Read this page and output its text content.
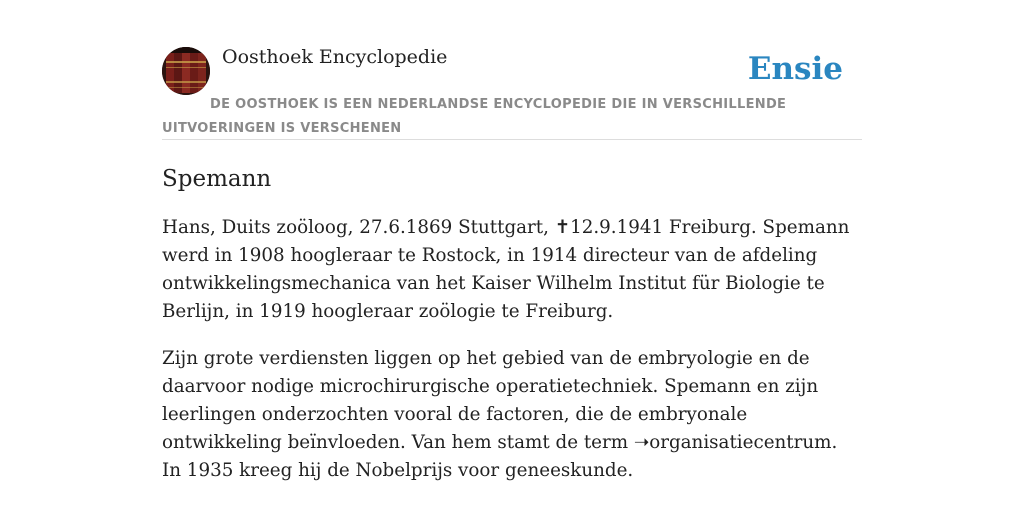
Oosthoek Encyclopedie	Ensie
DE OOSTHOEK IS EEN NEDERLANDSE ENCYCLOPEDIE DIE IN VERSCHILLENDE UITVOERINGEN IS VERSCHENEN
Spemann

Hans, Duits zoöloog, 27.6.1869 Stuttgart, ✝12.9.1941 Freiburg. Spemann werd in 1908 hoogleraar te Rostock, in 1914 directeur van de afdeling ontwikkelingsmechanica van het Kaiser Wilhelm Institut für Biologie te Berlijn, in 1919 hoogleraar zoölogie te Freiburg.

Zijn grote verdiensten liggen op het gebied van de embryologie en de daarvoor nodige microchirurgische operatietechniek. Spemann en zijn leerlingen onderzochten vooral de factoren, die de embryonale ontwikkeling beïnvloeden. Van hem stamt de term ➝organisatiecentrum. In 1935 kreeg hij de Nobelprijs voor geneeskunde.
